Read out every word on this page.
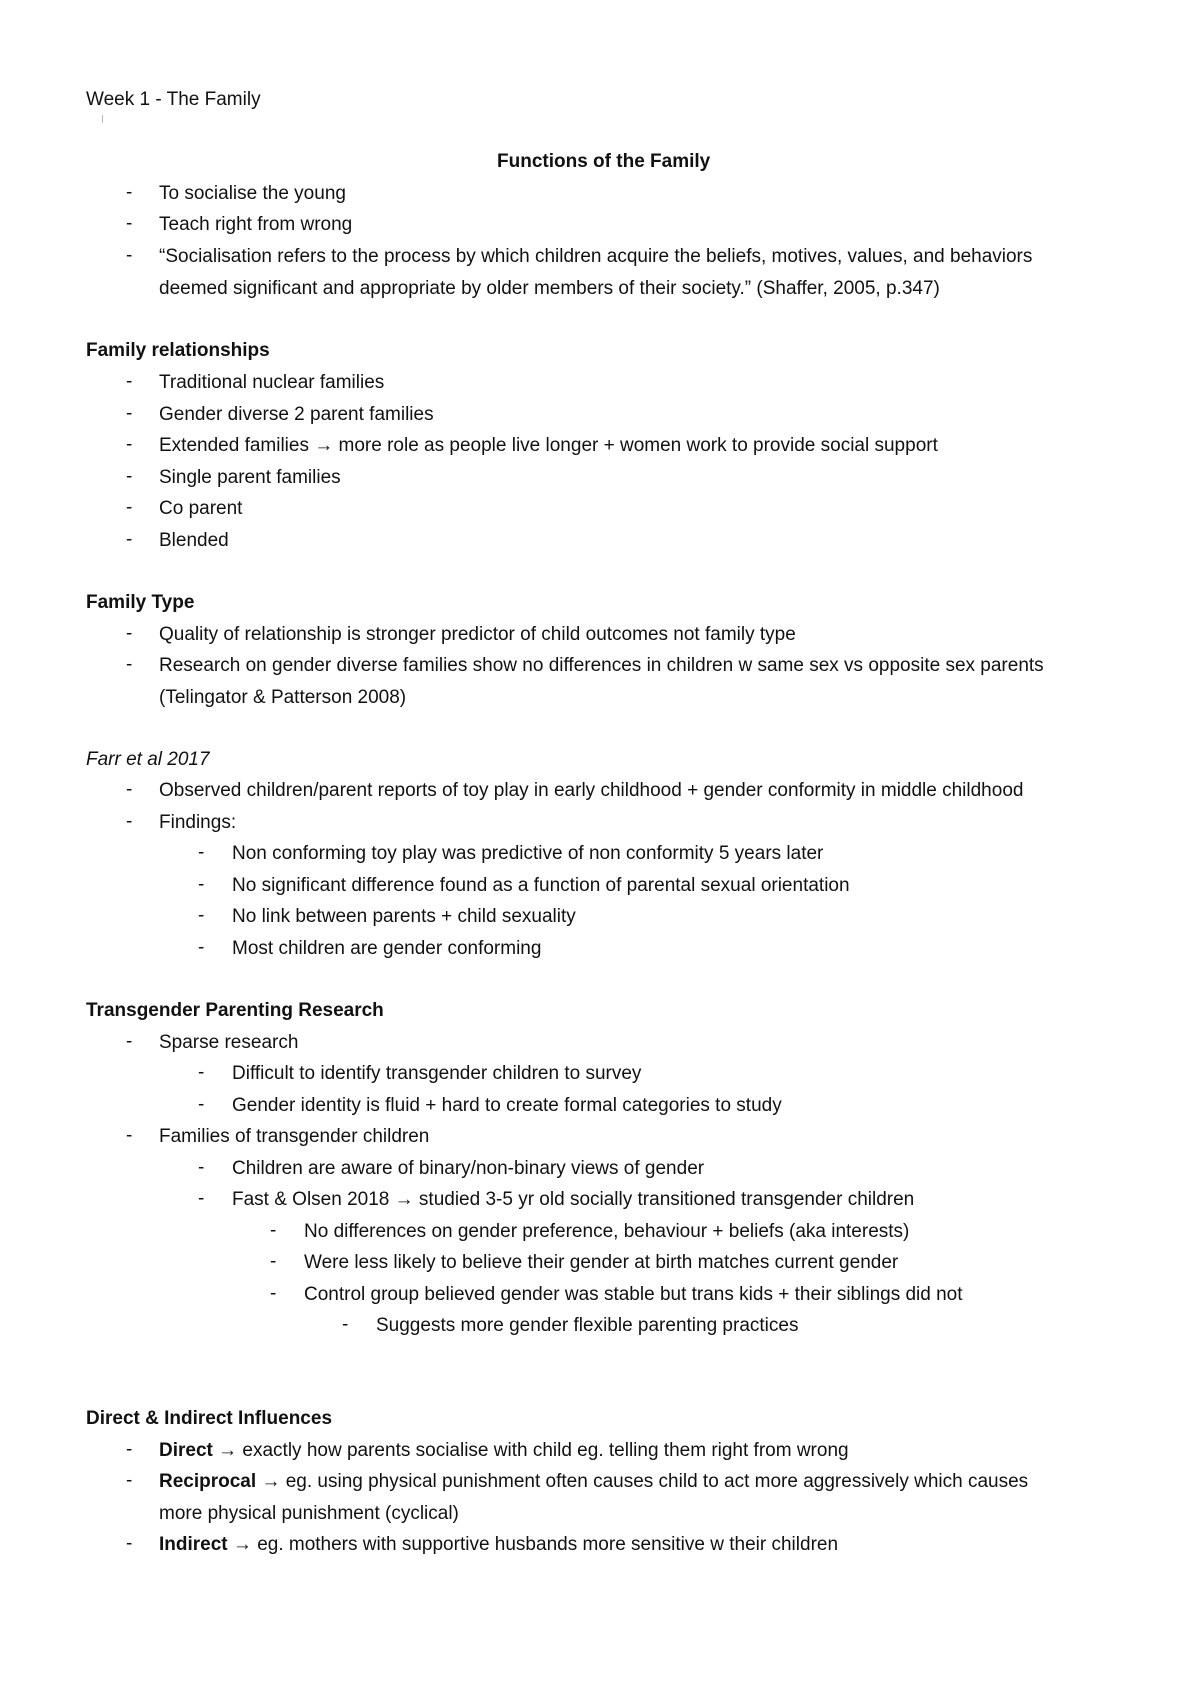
Week 1 - The Family
Functions of the Family
- To socialise the young
- Teach right from wrong
- “Socialisation refers to the process by which children acquire the beliefs, motives, values, and behaviors
deemed significant and appropriate by older members of their society.” (Shaffer, 2005, p.347)
Family relationships
- Traditional nuclear families
- Gender diverse 2 parent families
- Extended families → more role as people live longer + women work to provide social support
- Single parent families
- Co parent
- Blended
Family Type
- Quality of relationship is stronger predictor of child outcomes not family type
- Research on gender diverse families show no differences in children w same sex vs opposite sex parents
(Telingator & Patterson 2008)
Farr et al 2017
- Observed children/parent reports of toy play in early childhood + gender conformity in middle childhood
- Findings:
- Non conforming toy play was predictive of non conformity 5 years later
- No significant difference found as a function of parental sexual orientation
- No link between parents + child sexuality
- Most children are gender conforming
Transgender Parenting Research
- Sparse research
- Difficult to identify transgender children to survey
- Gender identity is fluid + hard to create formal categories to study
- Families of transgender children
- Children are aware of binary/non-binary views of gender
- Fast & Olsen 2018 → studied 3-5 yr old socially transitioned transgender children
- No differences on gender preference, behaviour + beliefs (aka interests)
- Were less likely to believe their gender at birth matches current gender
- Control group believed gender was stable but trans kids + their siblings did not
- Suggests more gender flexible parenting practices
Direct & Indirect Influences
- Direct → exactly how parents socialise with child eg. telling them right from wrong
- Reciprocal → eg. using physical punishment often causes child to act more aggressively which causes
more physical punishment (cyclical)
- Indirect → eg. mothers with supportive husbands more sensitive w their children
